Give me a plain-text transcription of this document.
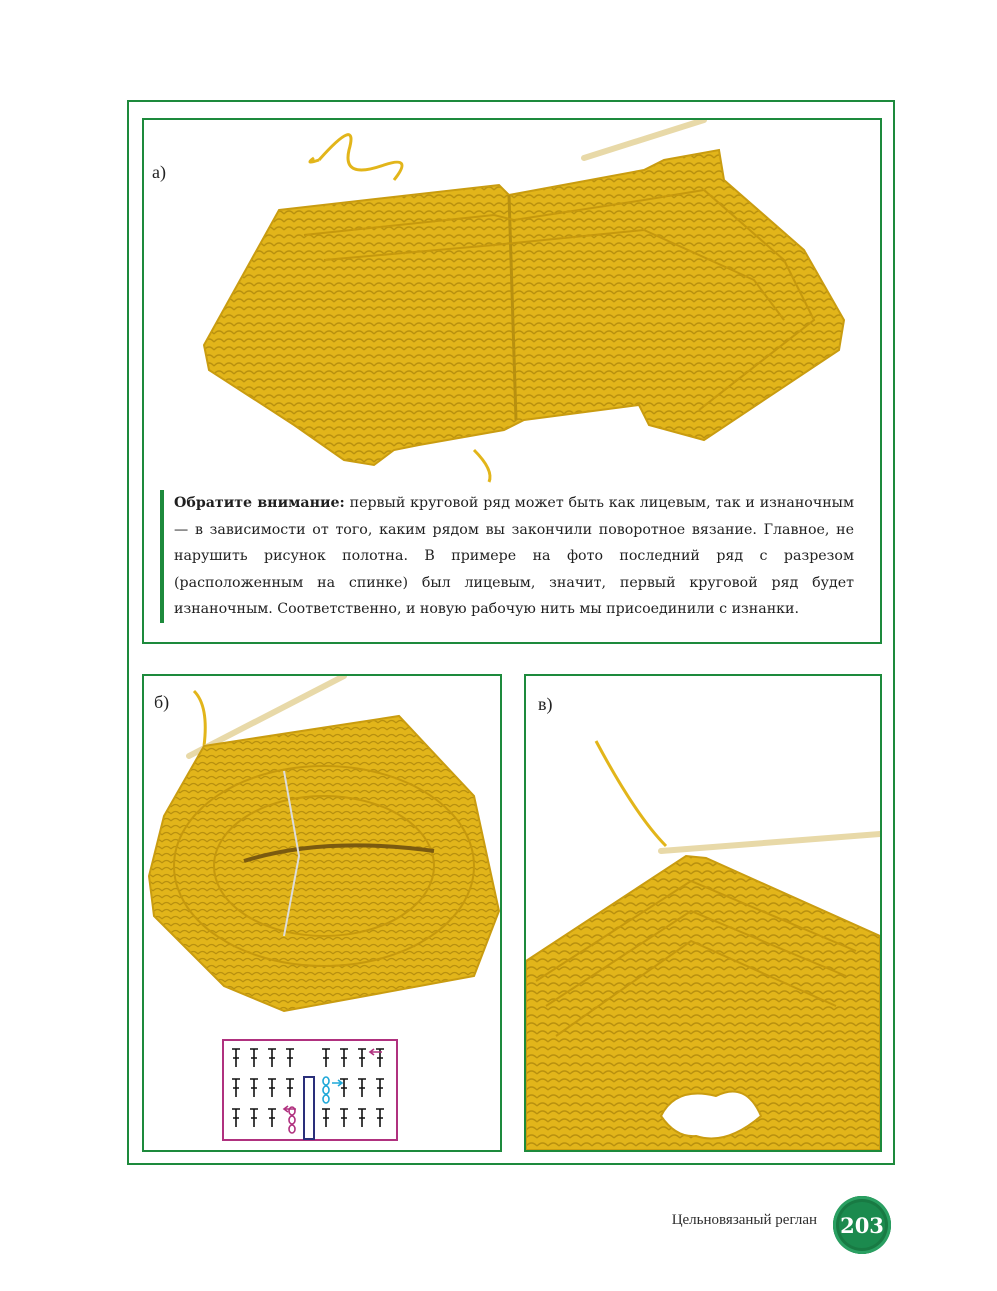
а)
Обратите внимание: первый круговой ряд может быть как лицевым, так и изнаночным — в зависимости от того, каким рядом вы закончили поворотное вязание. Главное, не нарушить рисунок полотна. В примере на фото последний ряд с разрезом (расположенным на спинке) был лицевым, значит, первый круговой ряд будет изнаночным. Соответственно, и новую рабочую нить мы присоединили с изнанки.
б)	в)
Цельновязаный реглан 203
